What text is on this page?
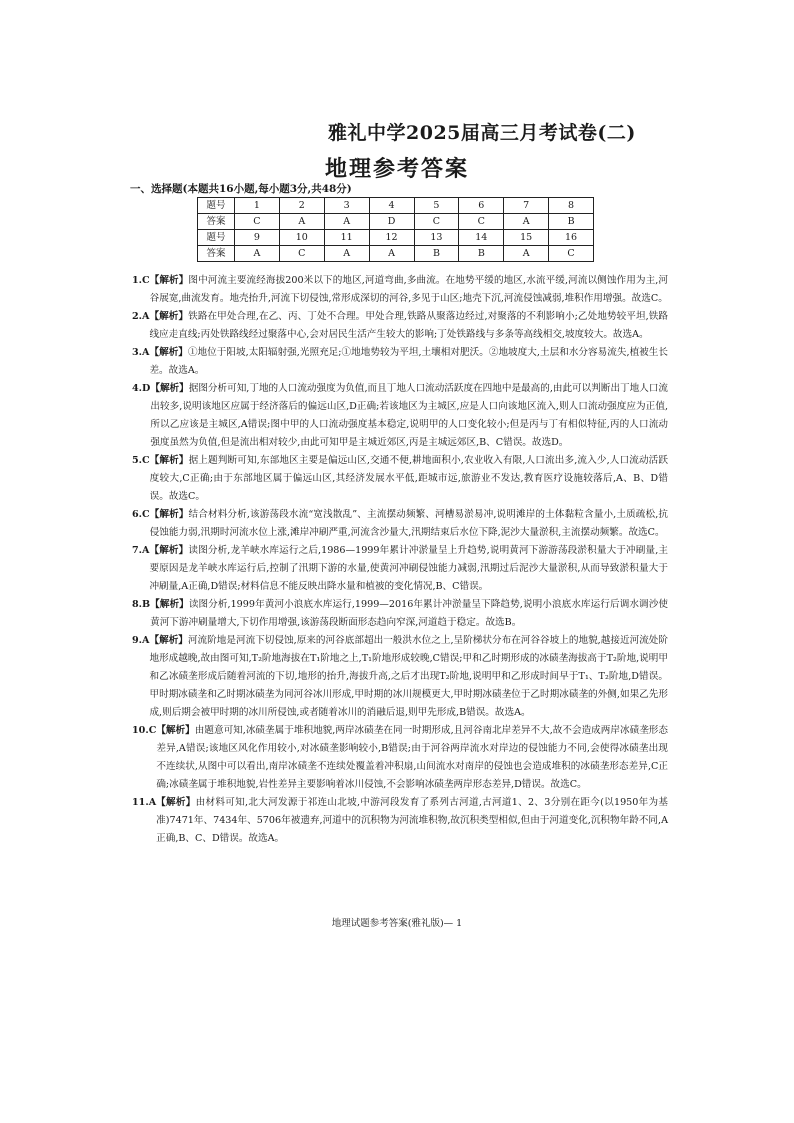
雅礼中学2025届高三月考试卷(二)
地理参考答案
一、选择题(本题共16小题,每小题3分,共48分)
题号	1	2	3	4	5	6	7	8
答案	C	A	A	D	C	C	A	B
题号	9	10	11	12	13	14	15	16
答案	A	C	A	A	B	B	A	C
1.C 【解析】图中河流主要流经海拔200米以下的地区,河道弯曲,多曲流。在地势平缓的地区,水流平缓,河流以侧蚀作用为主,河谷展宽,曲流发育。地壳抬升,河流下切侵蚀,常形成深切的河谷,多见于山区;地壳下沉,河流侵蚀减弱,堆积作用增强。故选C。
2.A 【解析】铁路在甲处合理,在乙、丙、丁处不合理。甲处合理,铁路从聚落边经过,对聚落的不利影响小;乙处地势较平坦,铁路线应走直线;丙处铁路线经过聚落中心,会对居民生活产生较大的影响;丁处铁路线与多条等高线相交,坡度较大。故选A。
3.A 【解析】①地位于阳坡,太阳辐射强,光照充足;①地地势较为平坦,土壤相对肥沃。②地坡度大,土层和水分容易流失,植被生长差。故选A。
4.D 【解析】据图分析可知,丁地的人口流动强度为负值,而且丁地人口流动活跃度在四地中是最高的,由此可以判断出丁地人口流出较多,说明该地区应属于经济落后的偏远山区,D正确;若该地区为主城区,应是人口向该地区流入,则人口流动强度应为正值,所以乙应该是主城区,A错误;图中甲的人口流动强度基本稳定,说明甲的人口变化较小;但是丙与丁有相似特征,丙的人口流动强度虽然为负值,但是流出相对较少,由此可知甲是主城近郊区,丙是主城远郊区,B、C错误。故选D。
5.C 【解析】据上题判断可知,东部地区主要是偏远山区,交通不便,耕地面积小,农业收入有限,人口流出多,流入少,人口流动活跃度较大,C正确;由于东部地区属于偏远山区,其经济发展水平低,距城市远,旅游业不发达,教育医疗设施较落后,A、B、D错误。故选C。
6.C 【解析】结合材料分析,该游荡段水流“宽浅散乱”、主流摆动频繁、河槽易淤易冲,说明滩岸的土体黏粒含量小,土质疏松,抗侵蚀能力弱,汛期时河流水位上涨,滩岸冲刷严重,河流含沙量大,汛期结束后水位下降,泥沙大量淤积,主流摆动频繁。故选C。
7.A 【解析】读图分析,龙羊峡水库运行之后,1986—1999年累计冲淤量呈上升趋势,说明黄河下游游荡段淤积量大于冲刷量,主要原因是龙羊峡水库运行后,控制了汛期下游的水量,使黄河冲刷侵蚀能力减弱,汛期过后泥沙大量淤积,从而导致淤积量大于冲刷量,A正确,D错误;材料信息不能反映出降水量和植被的变化情况,B、C错误。
8.B 【解析】读图分析,1999年黄河小浪底水库运行,1999—2016年累计冲淤量呈下降趋势,说明小浪底水库运行后调水调沙使黄河下游冲刷量增大,下切作用增强,该游荡段断面形态趋向窄深,河道趋于稳定。故选B。
9.A 【解析】河流阶地是河流下切侵蚀,原来的河谷底部超出一般洪水位之上,呈阶梯状分布在河谷谷坡上的地貌,越接近河流处阶地形成越晚,故由图可知,T₂阶地海拔在T₁阶地之上,T₁阶地形成较晚,C错误;甲和乙时期形成的冰碛垄海拔高于T₂阶地,说明甲和乙冰碛垄形成后随着河流的下切,地形的抬升,海拔升高,之后才出现T₂阶地,说明甲和乙形成时间早于T₁、T₂阶地,D错误。甲时期冰碛垄和乙时期冰碛垄为同河谷冰川形成,甲时期的冰川规模更大,甲时期冰碛垄位于乙时期冰碛垄的外侧,如果乙先形成,则后期会被甲时期的冰川所侵蚀,或者随着冰川的消融后退,则甲先形成,B错误。故选A。
10.C 【解析】由题意可知,冰碛垄属于堆积地貌,两岸冰碛垄在同一时期形成,且河谷南北岸差异不大,故不会造成两岸冰碛垄形态差异,A错误;该地区风化作用较小,对冰碛垄影响较小,B错误;由于河谷两岸流水对岸边的侵蚀能力不同,会使得冰碛垄出现不连续状,从图中可以看出,南岸冰碛垄不连续处覆盖着冲积扇,山间流水对南岸的侵蚀也会造成堆积的冰碛垄形态差异,C正确;冰碛垄属于堆积地貌,岩性差异主要影响着冰川侵蚀,不会影响冰碛垄两岸形态差异,D错误。故选C。
11.A 【解析】由材料可知,北大河发源于祁连山北坡,中游河段发育了系列古河道,古河道1、2、3分别在距今(以1950年为基准)7471年、7434年、5706年被遗弃,河道中的沉积物为河流堆积物,故沉积类型相似,但由于河道变化,沉积物年龄不同,A正确,B、C、D错误。故选A。
地理试题参考答案(雅礼版)— 1
